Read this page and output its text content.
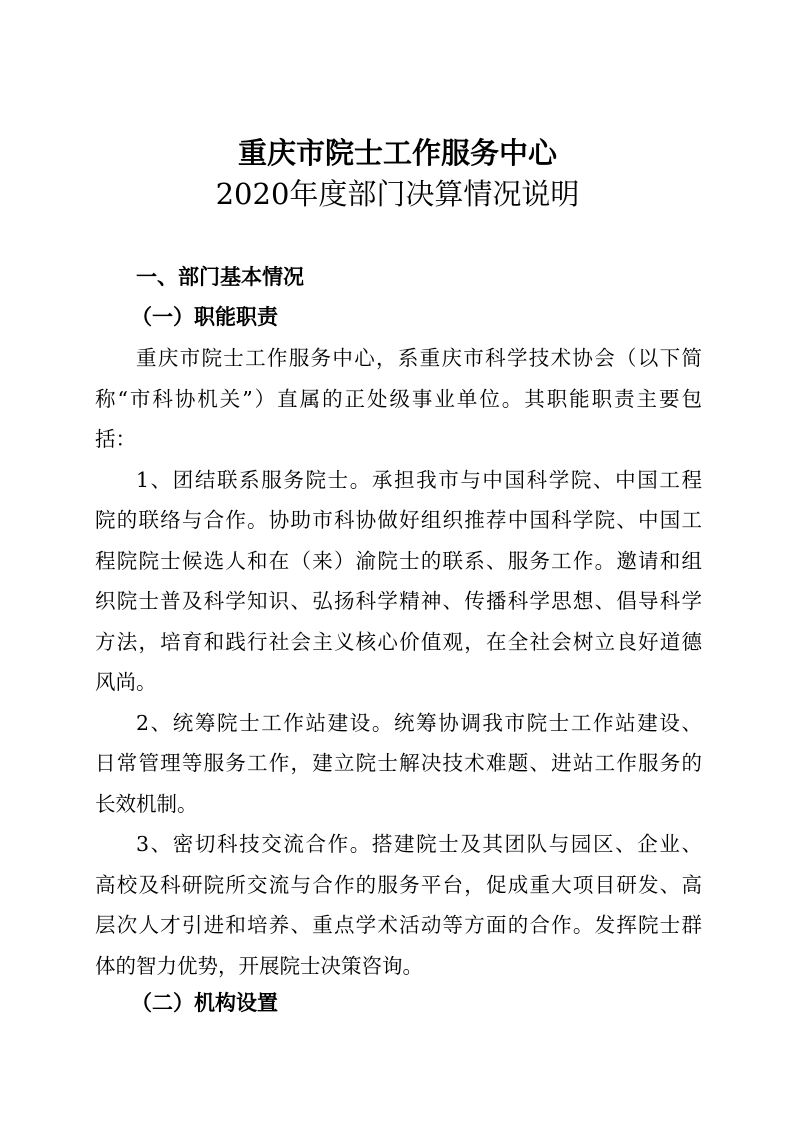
重庆市院士工作服务中心
2020年度部门决算情况说明
一、部门基本情况
（一）职能职责
重庆市院士工作服务中心，系重庆市科学技术协会（以下简
称“市科协机关”）直属的正处级事业单位。其职能职责主要包
括：
1、团结联系服务院士。承担我市与中国科学院、中国工程
院的联络与合作。协助市科协做好组织推荐中国科学院、中国工
程院院士候选人和在（来）渝院士的联系、服务工作。邀请和组
织院士普及科学知识、弘扬科学精神、传播科学思想、倡导科学
方法，培育和践行社会主义核心价值观，在全社会树立良好道德
风尚。
2、统筹院士工作站建设。统筹协调我市院士工作站建设、
日常管理等服务工作，建立院士解决技术难题、进站工作服务的
长效机制。
3、密切科技交流合作。搭建院士及其团队与园区、企业、
高校及科研院所交流与合作的服务平台，促成重大项目研发、高
层次人才引进和培养、重点学术活动等方面的合作。发挥院士群
体的智力优势，开展院士决策咨询。
（二）机构设置
